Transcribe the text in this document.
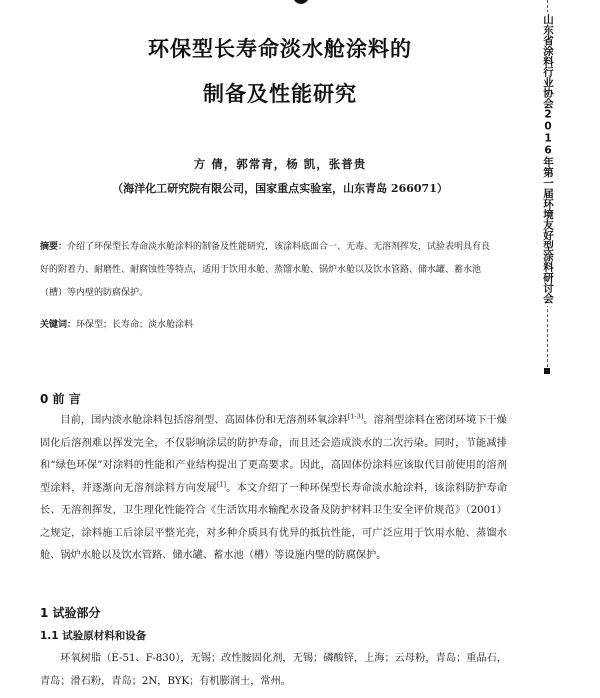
山东省涂料行业协会2016年第一届环境友好型涂料研讨会
环保型长寿命淡水舱涂料的
制备及性能研究
方 倩，郭常青，杨 凯，张普贵
（海洋化工研究院有限公司，国家重点实验室，山东青岛 266071）
摘要：介绍了环保型长寿命淡水舱涂料的制备及性能研究，该涂料底面合一、无毒、无溶剂挥发，试验表明具有良好的附着力、耐磨性、耐腐蚀性等特点，适用于饮用水舱、蒸馏水舱、锅炉水舱以及饮水管路、储水罐、蓄水池（槽）等内壁的防腐保护。
关键词：环保型；长寿命；淡水舱涂料
0 前 言
目前，国内淡水舱涂料包括溶剂型、高固体份和无溶剂环氧涂料[1-3]。溶剂型涂料在密闭环境下干燥固化后溶剂难以挥发完全，不仅影响涂层的防护寿命，而且还会造成淡水的二次污染。同时，节能减排和“绿色环保”对涂料的性能和产业结构提出了更高要求。因此，高固体份涂料应该取代目前使用的溶剂型涂料，并逐渐向无溶剂涂料方向发展[1]。本文介绍了一种环保型长寿命淡水舱涂料，该涂料防护寿命长、无溶剂挥发，卫生理化性能符合《生活饮用水输配水设备及防护材料卫生安全评价规范》（2001）之规定，涂料施工后涂层平整光亮，对多种介质具有优异的抵抗性能，可广泛应用于饮用水舱、蒸馏水舱、锅炉水舱以及饮水管路、储水罐、蓄水池（槽）等设施内壁的防腐保护。
1 试验部分
1.1 试验原材料和设备
环氧树脂（E-51、F-830），无锡；改性胺固化剂，无锡；磷酸锌，上海；云母粉，青岛；重晶石，青岛；滑石粉，青岛；2N，BYK；有机膨润土，常州。
